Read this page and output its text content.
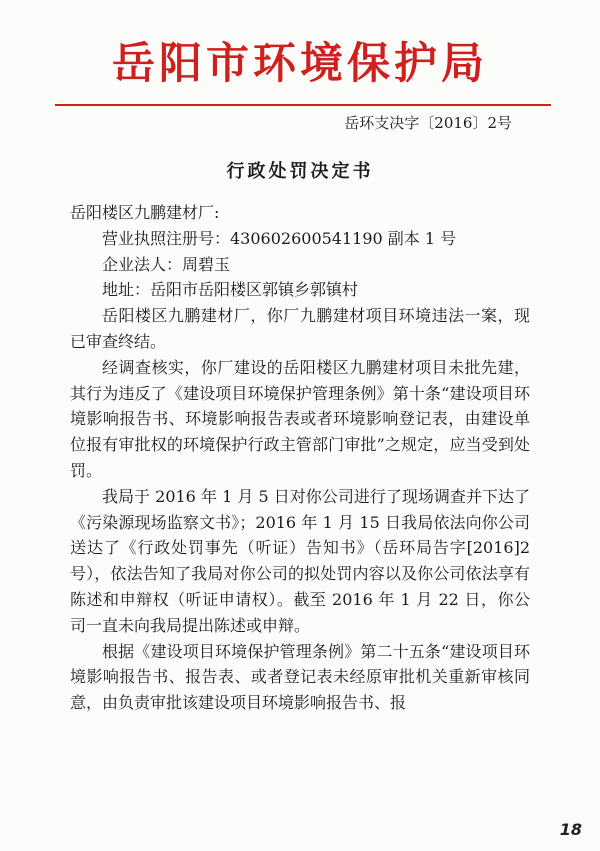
岳阳市环境保护局
岳环支决字〔2016〕2号
行政处罚决定书

岳阳楼区九鹏建材厂:

营业执照注册号：430602600541190 副本 1 号

企业法人：周碧玉

地址：岳阳市岳阳楼区郭镇乡郭镇村

岳阳楼区九鹏建材厂，你厂九鹏建材项目环境违法一案，现已审查终结。

经调查核实，你厂建设的岳阳楼区九鹏建材项目未批先建，其行为违反了《建设项目环境保护管理条例》第十条“建设项目环境影响报告书、环境影响报告表或者环境影响登记表，由建设单位报有审批权的环境保护行政主管部门审批”之规定，应当受到处罚。

我局于 2016 年 1 月 5 日对你公司进行了现场调查并下达了《污染源现场监察文书》；2016 年 1 月 15 日我局依法向你公司送达了《行政处罚事先（听证）告知书》（岳环局告字[2016]2 号），依法告知了我局对你公司的拟处罚内容以及你公司依法享有陈述和申辩权（听证申请权）。截至 2016 年 1 月 22 日，你公司一直未向我局提出陈述或申辩。

根据《建设项目环境保护管理条例》第二十五条“建设项目环境影响报告书、报告表、或者登记表未经原审批机关重新审核同意，由负责审批该建设项目环境影响报告书、报

18
